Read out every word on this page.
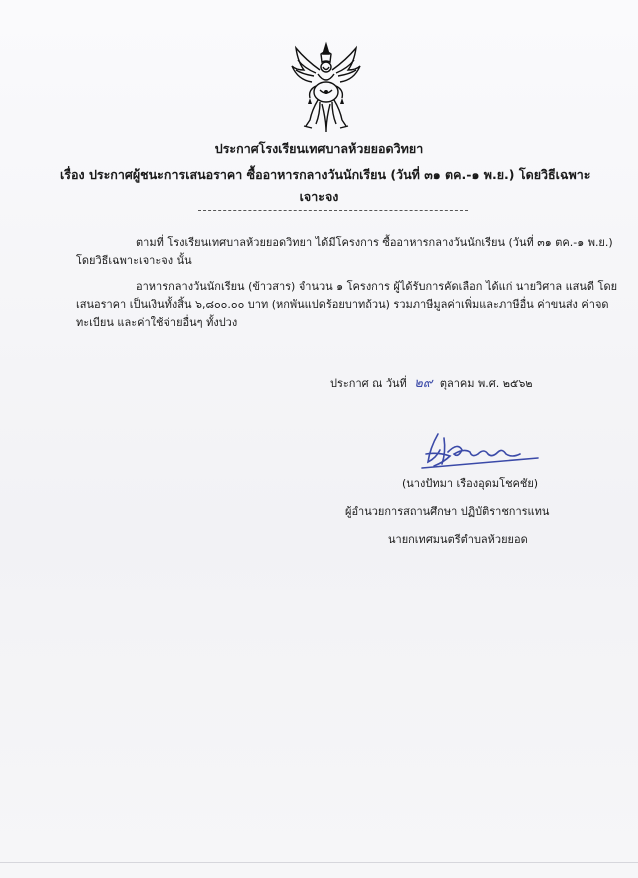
ประกาศโรงเรียนเทศบาลห้วยยอดวิทยา
เรื่อง ประกาศผู้ชนะการเสนอราคา ซื้ออาหารกลางวันนักเรียน (วันที่ ๓๑ ตค.-๑ พ.ย.) โดยวิธีเฉพาะ
เจาะจง
ตามที่ โรงเรียนเทศบาลห้วยยอดวิทยา ได้มีโครงการ ซื้ออาหารกลางวันนักเรียน (วันที่ ๓๑ ตค.-๑ พ.ย.)
โดยวิธีเฉพาะเจาะจง นั้น
อาหารกลางวันนักเรียน (ข้าวสาร) จำนวน ๑ โครงการ ผู้ได้รับการคัดเลือก ได้แก่ นายวิศาล แสนดี โดย
เสนอราคา เป็นเงินทั้งสิ้น ๖,๘๐๐.๐๐ บาท (หกพันแปดร้อยบาทถ้วน) รวมภาษีมูลค่าเพิ่มและภาษีอื่น ค่าขนส่ง ค่าจด
ทะเบียน และค่าใช้จ่ายอื่นๆ ทั้งปวง
ประกาศ ณ วันที่ ๒๙ ตุลาคม พ.ศ. ๒๕๖๒
(นางปัทมา เรืองอุดมโชคชัย)
ผู้อำนวยการสถานศึกษา ปฏิบัติราชการแทน
นายกเทศมนตรีตำบลห้วยยอด
